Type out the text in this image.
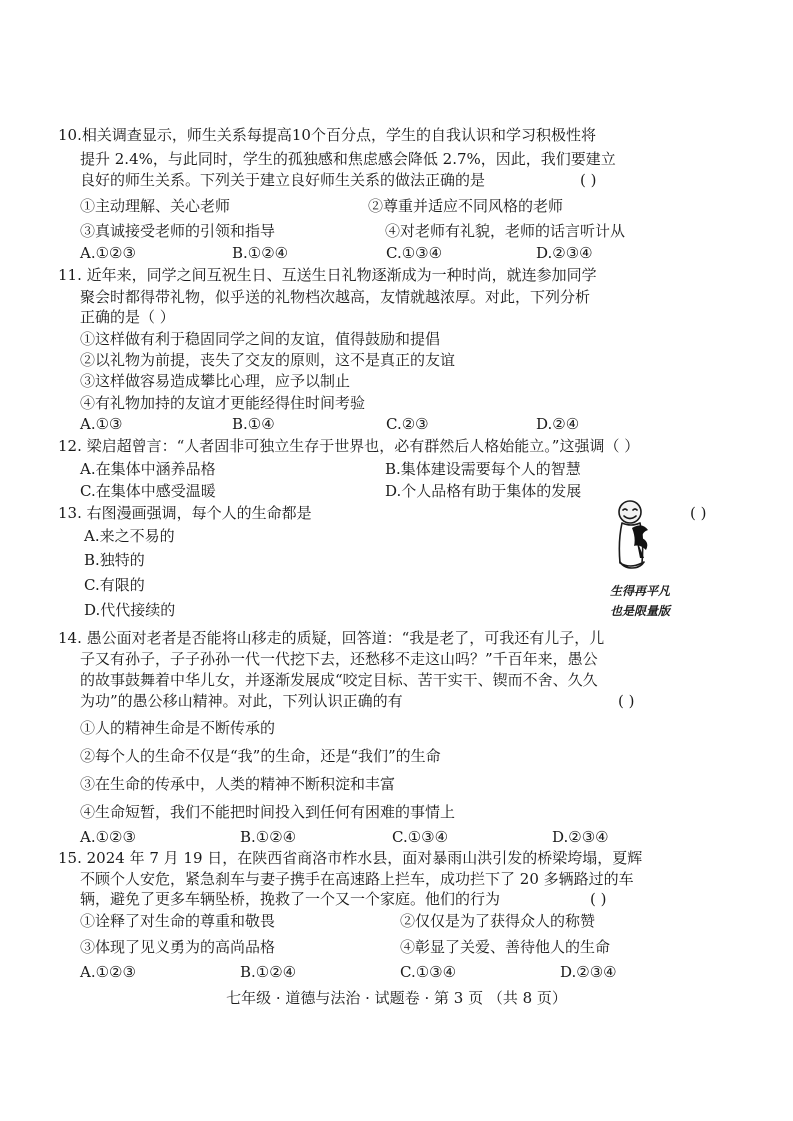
10.相关调查显示，师生关系每提高10个百分点，学生的自我认识和学习积极性将
提升 2.4%，与此同时，学生的孤独感和焦虑感会降低 2.7%，因此，我们要建立
良好的师生关系。下列关于建立良好师生关系的做法正确的是	( )
①主动理解、关心老师	②尊重并适应不同风格的老师
③真诚接受老师的引领和指导	④对老师有礼貌，老师的话言听计从
A.①②③	B.①②④	C.①③④	D.②③④
11. 近年来，同学之间互祝生日、互送生日礼物逐渐成为一种时尚，就连参加同学
聚会时都得带礼物，似乎送的礼物档次越高，友情就越浓厚。对此，下列分析
正确的是（ ）
①这样做有利于稳固同学之间的友谊，值得鼓励和提倡
②以礼物为前提，丧失了交友的原则，这不是真正的友谊
③这样做容易造成攀比心理，应予以制止
④有礼物加持的友谊才更能经得住时间考验
A.①③	B.①④	C.②③	D.②④
12. 梁启超曾言：“人者固非可独立生存于世界也，必有群然后人格始能立。”这强调（ ）
A.在集体中涵养品格	B.集体建设需要每个人的智慧
C.在集体中感受温暖	D.个人品格有助于集体的发展
13. 右图漫画强调，每个人的生命都是	( )
A.来之不易的
B.独特的
C.有限的
D.代代接续的
生得再平凡
也是限量版
14. 愚公面对老者是否能将山移走的质疑，回答道：“我是老了，可我还有儿子，儿
子又有孙子，子子孙孙一代一代挖下去，还愁移不走这山吗？”千百年来，愚公
的故事鼓舞着中华儿女，并逐渐发展成“咬定目标、苦干实干、锲而不舍、久久
为功”的愚公移山精神。对此，下列认识正确的有	( )
①人的精神生命是不断传承的
②每个人的生命不仅是“我”的生命，还是“我们”的生命
③在生命的传承中，人类的精神不断积淀和丰富
④生命短暂，我们不能把时间投入到任何有困难的事情上
A.①②③	B.①②④	C.①③④	D.②③④
15. 2024 年 7 月 19 日，在陕西省商洛市柞水县，面对暴雨山洪引发的桥梁垮塌，夏辉
不顾个人安危，紧急刹车与妻子携手在高速路上拦车，成功拦下了 20 多辆路过的车
辆，避免了更多车辆坠桥，挽救了一个又一个家庭。他们的行为	( )
①诠释了对生命的尊重和敬畏	②仅仅是为了获得众人的称赞
③体现了见义勇为的高尚品格	④彰显了关爱、善待他人的生命
A.①②③	B.①②④	C.①③④	D.②③④
七年级 · 道德与法治 · 试题卷 · 第 3 页 （共 8 页）
